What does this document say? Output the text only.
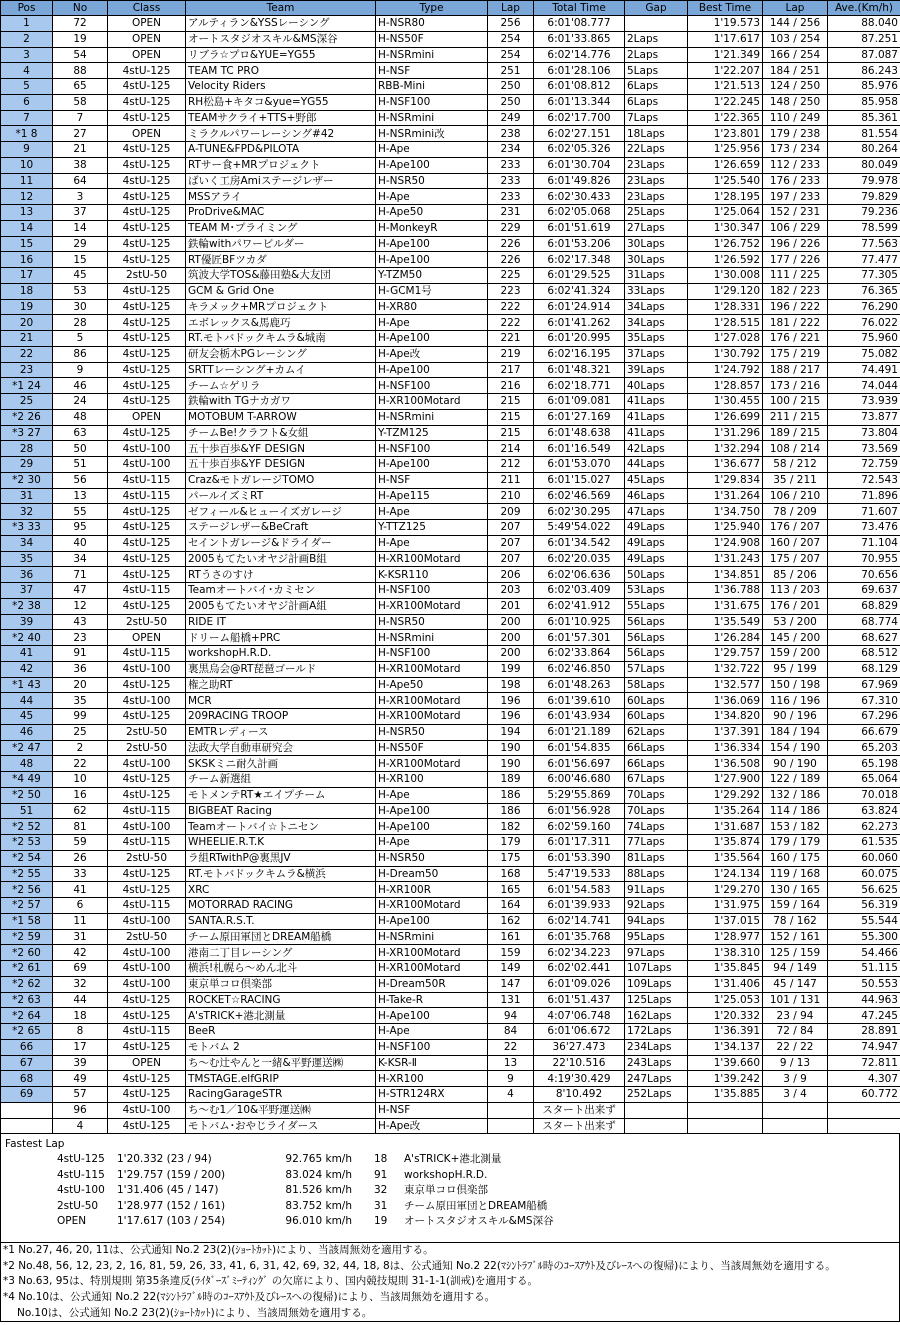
Pos	No	Class	Team	Type	Lap	Total Time	Gap	Best Time	Lap	Ave.(Km/h)
1	72	OPEN	アルティラン&YSSレーシング	H-NSR80	256	6:01'08.777		1'19.573	144 / 256	88.040
2	19	OPEN	オートスタジオスキル&MS深谷	H-NS50F	254	6:01'33.865	2Laps	1'17.617	103 / 254	87.251
3	54	OPEN	リブラ☆プロ&YUE=YG55	H-NSRmini	254	6:02'14.776	2Laps	1'21.349	166 / 254	87.087
4	88	4stU-125	TEAM TC PRO	H-NSF	251	6:01'28.106	5Laps	1'22.207	184 / 251	86.243
5	65	4stU-125	Velocity Riders	RBB-Mini	250	6:01'08.812	6Laps	1'21.513	124 / 250	85.976
6	58	4stU-125	RH松島+キタコ&yue=YG55	H-NSF100	250	6:01'13.344	6Laps	1'22.245	148 / 250	85.958
7	7	4stU-125	TEAMサクライ+TTS+野郎	H-NSRmini	249	6:02'17.700	7Laps	1'22.365	110 / 249	85.361
*1 8	27	OPEN	ミラクルパワーレーシング#42	H-NSRmini改	238	6:02'27.151	18Laps	1'23.801	179 / 238	81.554
9	21	4stU-125	A-TUNE&FPD&PILOTA	H-Ape	234	6:02'05.326	22Laps	1'25.956	173 / 234	80.264
10	38	4stU-125	RTサー食+MRプロジェクト	H-Ape100	233	6:01'30.704	23Laps	1'26.659	112 / 233	80.049
11	64	4stU-125	ばいく工房Amiステージレザー	H-NSR50	233	6:01'49.826	23Laps	1'25.540	176 / 233	79.978
12	3	4stU-125	MSSアライ	H-Ape	233	6:02'30.433	23Laps	1'28.195	197 / 233	79.829
13	37	4stU-125	ProDrive&MAC	H-Ape50	231	6:02'05.068	25Laps	1'25.064	152 / 231	79.236
14	14	4stU-125	TEAM M･プライミング	H-MonkeyR	229	6:01'51.619	27Laps	1'30.347	106 / 229	78.599
15	29	4stU-125	鉄輪withパワービルダー	H-Ape100	226	6:01'53.206	30Laps	1'26.752	196 / 226	77.563
16	15	4stU-125	RT優匠BFツカダ	H-Ape100	226	6:02'17.348	30Laps	1'26.592	177 / 226	77.477
17	45	2stU-50	筑波大学TOS&藤田塾&大友団	Y-TZM50	225	6:01'29.525	31Laps	1'30.008	111 / 225	77.305
18	53	4stU-125	GCM & Grid One	H-GCM1号	223	6:02'41.324	33Laps	1'29.120	182 / 223	76.365
19	30	4stU-125	キラメック+MRプロジェクト	H-XR80	222	6:01'24.914	34Laps	1'28.331	196 / 222	76.290
20	28	4stU-125	エボレックス&馬鹿巧	H-Ape	222	6:01'41.262	34Laps	1'28.515	181 / 222	76.022
21	5	4stU-125	RT.モトバドックキムラ&城南	H-Ape100	221	6:01'20.995	35Laps	1'27.028	176 / 221	75.960
22	86	4stU-125	研友会栃木PGレーシング	H-Ape改	219	6:02'16.195	37Laps	1'30.792	175 / 219	75.082
23	9	4stU-125	SRTTレーシング+カムイ	H-Ape100	217	6:01'48.321	39Laps	1'24.792	188 / 217	74.491
*1 24	46	4stU-125	チーム☆ゲリラ	H-NSF100	216	6:02'18.771	40Laps	1'28.857	173 / 216	74.044
25	24	4stU-125	鉄輪with TGナカガワ	H-XR100Motard	215	6:01'09.081	41Laps	1'30.455	100 / 215	73.939
*2 26	48	OPEN	MOTOBUM T-ARROW	H-NSRmini	215	6:01'27.169	41Laps	1'26.699	211 / 215	73.877
*3 27	63	4stU-125	チームBe!クラフト&女組	Y-TZM125	215	6:01'48.638	41Laps	1'31.296	189 / 215	73.804
28	50	4stU-100	五十歩百歩&YF DESIGN	H-NSF100	214	6:01'16.549	42Laps	1'32.294	108 / 214	73.569
29	51	4stU-100	五十歩百歩&YF DESIGN	H-Ape100	212	6:01'53.070	44Laps	1'36.677	58 / 212	72.759
*2 30	56	4stU-115	Craz&モトガレージTOMO	H-NSF	211	6:01'15.027	45Laps	1'29.834	35 / 211	72.543
31	13	4stU-115	パールイズミRT	H-Ape115	210	6:02'46.569	46Laps	1'31.264	106 / 210	71.896
32	55	4stU-125	ゼフィール&ヒューイズガレージ	H-Ape	209	6:02'30.295	47Laps	1'34.750	78 / 209	71.607
*3 33	95	4stU-125	ステージレザー&BeCraft	Y-TTZ125	207	5:49'54.022	49Laps	1'25.940	176 / 207	73.476
34	40	4stU-125	セイントガレージ&ドライダー	H-Ape	207	6:01'34.542	49Laps	1'24.908	160 / 207	71.104
35	34	4stU-125	2005もてたいオヤジ計画B組	H-XR100Motard	207	6:02'20.035	49Laps	1'31.243	175 / 207	70.955
36	71	4stU-125	RTうさのすけ	K-KSR110	206	6:02'06.636	50Laps	1'34.851	85 / 206	70.656
37	47	4stU-115	Teamオートバイ･カミセン	H-NSF100	203	6:02'03.409	53Laps	1'36.788	113 / 203	69.637
*2 38	12	4stU-125	2005もてたいオヤジ計画A組	H-XR100Motard	201	6:02'41.912	55Laps	1'31.675	176 / 201	68.829
39	43	2stU-50	RIDE IT	H-NSR50	200	6:01'10.925	56Laps	1'35.549	53 / 200	68.774
*2 40	23	OPEN	ドリーム船橋+PRC	H-NSRmini	200	6:01'57.301	56Laps	1'26.284	145 / 200	68.627
41	91	4stU-115	workshopH.R.D.	H-NSF100	200	6:02'33.864	56Laps	1'29.757	159 / 200	68.512
42	36	4stU-100	裏黒烏会@RT琵琶ゴールド	H-XR100Motard	199	6:02'46.850	57Laps	1'32.722	95 / 199	68.129
*1 43	20	4stU-125	権之助RT	H-Ape50	198	6:01'48.263	58Laps	1'32.577	150 / 198	67.969
44	35	4stU-100	MCR	H-XR100Motard	196	6:01'39.610	60Laps	1'36.069	116 / 196	67.310
45	99	4stU-125	209RACING TROOP	H-XR100Motard	196	6:01'43.934	60Laps	1'34.820	90 / 196	67.296
46	25	2stU-50	EMTRレディース	H-NSR50	194	6:01'21.189	62Laps	1'37.391	184 / 194	66.679
*2 47	2	2stU-50	法政大学自動車研究会	H-NS50F	190	6:01'54.835	66Laps	1'36.334	154 / 190	65.203
48	22	4stU-100	SKSKミニ耐久計画	H-XR100Motard	190	6:01'56.697	66Laps	1'36.508	90 / 190	65.198
*4 49	10	4stU-125	チーム新選組	H-XR100	189	6:00'46.680	67Laps	1'27.900	122 / 189	65.064
*2 50	16	4stU-125	モトメンテRT★エイプチーム	H-Ape	186	5:29'55.869	70Laps	1'29.292	132 / 186	70.018
51	62	4stU-115	BIGBEAT Racing	H-Ape100	186	6:01'56.928	70Laps	1'35.264	114 / 186	63.824
*2 52	81	4stU-100	Teamオートバイ☆トニセン	H-Ape100	182	6:02'59.160	74Laps	1'31.687	153 / 182	62.273
*2 53	59	4stU-115	WHEELIE.R.T.K	H-Ape	179	6:01'17.311	77Laps	1'35.874	179 / 179	61.535
*2 54	26	2stU-50	ラ組RTwithP@裏黒JV	H-NSR50	175	6:01'53.390	81Laps	1'35.564	160 / 175	60.060
*2 55	33	4stU-125	RT.モトバドックキムラ&横浜	H-Dream50	168	5:47'19.533	88Laps	1'24.134	119 / 168	60.075
*2 56	41	4stU-125	XRC	H-XR100R	165	6:01'54.583	91Laps	1'29.270	130 / 165	56.625
*2 57	6	4stU-115	MOTORRAD RACING	H-XR100Motard	164	6:01'39.933	92Laps	1'31.975	159 / 164	56.319
*1 58	11	4stU-100	SANTA.R.S.T.	H-Ape100	162	6:02'14.741	94Laps	1'37.015	78 / 162	55.544
*2 59	31	2stU-50	チーム原田軍団とDREAM船橋	H-NSRmini	161	6:01'35.768	95Laps	1'28.977	152 / 161	55.300
*2 60	42	4stU-100	港南二丁目レーシング	H-XR100Motard	159	6:02'34.223	97Laps	1'38.310	125 / 159	54.466
*2 61	69	4stU-100	横浜!札幌ら〜めん北斗	H-XR100Motard	149	6:02'02.441	107Laps	1'35.845	94 / 149	51.115
*2 62	32	4stU-100	東京単コロ倶楽部	H-Dream50R	147	6:01'09.026	109Laps	1'31.406	45 / 147	50.553
*2 63	44	4stU-125	ROCKET☆RACING	H-Take-R	131	6:01'51.437	125Laps	1'25.053	101 / 131	44.963
*2 64	18	4stU-125	A'sTRICK+港北測量	H-Ape100	94	4:07'06.748	162Laps	1'20.332	23 / 94	47.245
*2 65	8	4stU-115	BeeR	H-Ape	84	6:01'06.672	172Laps	1'36.391	72 / 84	28.891
66	17	4stU-125	モトバム 2	H-NSF100	22	36'27.473	234Laps	1'34.137	22 / 22	74.947
67	39	OPEN	ち〜む辻やんと一緒&平野運送㈱	K-KSR-Ⅱ	13	22'10.516	243Laps	1'39.660	9 / 13	72.811
68	49	4stU-125	TMSTAGE.elfGRIP	H-XR100	9	4:19'30.429	247Laps	1'39.242	3 / 9	4.307
69	57	4stU-125	RacingGarageSTR	H-STR124RX	4	8'10.492	252Laps	1'35.885	3 / 4	60.772
	96	4stU-100	ち〜む1／10&平野運送㈱	H-NSF		スタート出来ず				
	4	4stU-125	モトバム･おやじライダース	H-Ape改		スタート出来ず				
Fastest Lap
4stU-125	1'20.332 (23 / 94)	92.765 km/h	18	A'sTRICK+港北測量
4stU-115	1'29.757 (159 / 200)	83.024 km/h	91	workshopH.R.D.
4stU-100	1'31.406 (45 / 147)	81.526 km/h	32	東京単コロ倶楽部
2stU-50	1'28.977 (152 / 161)	83.752 km/h	31	チーム原田軍団とDREAM船橋
OPEN	1'17.617 (103 / 254)	96.010 km/h	19	オートスタジオスキル&MS深谷
*1 No.27, 46, 20, 11は、公式通知 No.2 23(2)(ｼｮｰﾄｶｯﾄ)により、当該周無効を適用する。
*2 No.48, 56, 12, 23, 2, 16, 81, 59, 26, 33, 41, 6, 31, 42, 69, 32, 44, 18, 8は、公式通知 No.2 22(ﾏｼﾝﾄﾗﾌﾞﾙ時のｺｰｽｱｳﾄ及びﾚｰｽへの復帰)により、当該周無効を適用する。
*3 No.63, 95は、特別規則 第35条違反(ﾗｲﾀﾞｰｽﾞﾐｰﾃｨﾝｸﾞ の欠席により、国内競技規則 31-1-1(訓戒)を適用する。
*4 No.10は、公式通知 No.2 22(ﾏｼﾝﾄﾗﾌﾞﾙ時のｺｰｽｱｳﾄ及びﾚｰｽへの復帰)により、当該周無効を適用する。
No.10は、公式通知 No.2 23(2)(ｼｮｰﾄｶｯﾄ)により、当該周無効を適用する。
